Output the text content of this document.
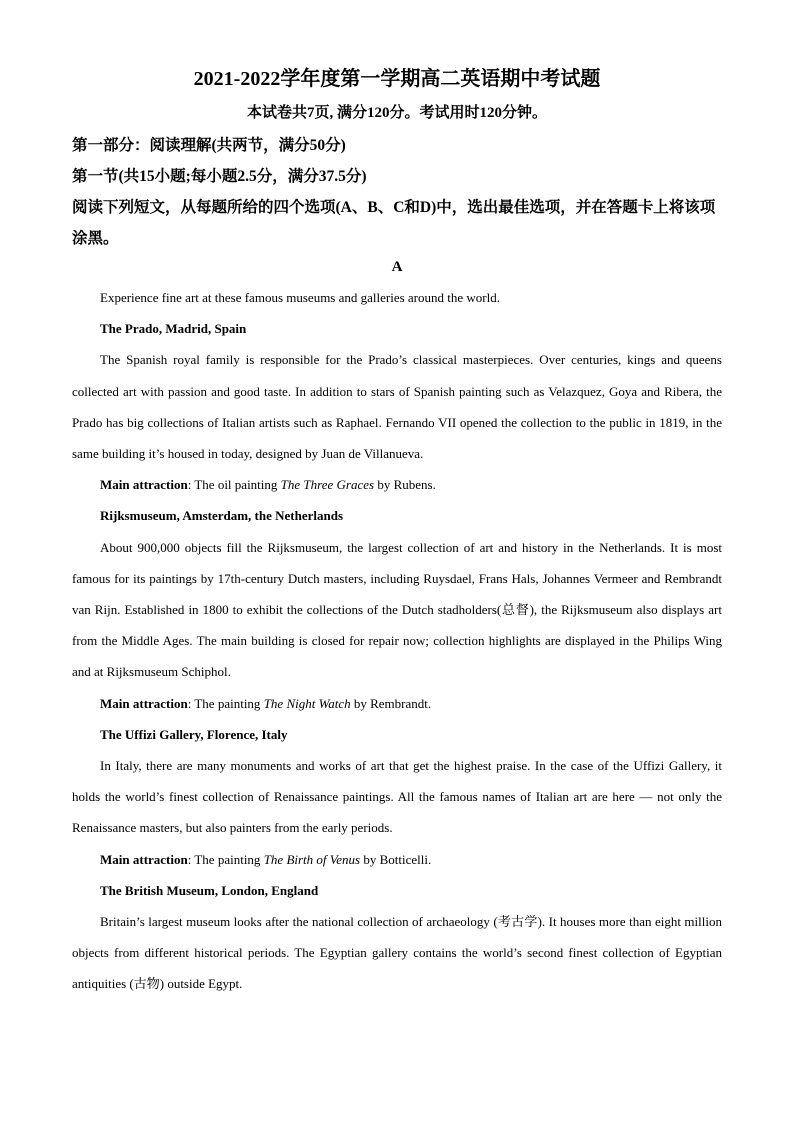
2021-2022学年度第一学期高二英语期中考试题
本试卷共7页, 满分120分。考试用时120分钟。

第一部分：阅读理解(共两节，满分50分)

第一节(共15小题;每小题2.5分，满分37.5分)

阅读下列短文，从每题所给的四个选项(A、B、C和D)中，选出最佳选项，并在答题卡上将该项涂黑。

A

Experience fine art at these famous museums and galleries around the world.

The Prado, Madrid, Spain

The Spanish royal family is responsible for the Prado’s classical masterpieces. Over centuries, kings and queens collected art with passion and good taste. In addition to stars of Spanish painting such as Velazquez, Goya and Ribera, the Prado has big collections of Italian artists such as Raphael. Fernando VII opened the collection to the public in 1819, in the same building it’s housed in today, designed by Juan de Villanueva.

Main attraction: The oil painting The Three Graces by Rubens.

Rijksmuseum, Amsterdam, the Netherlands

About 900,000 objects fill the Rijksmuseum, the largest collection of art and history in the Netherlands. It is most famous for its paintings by 17th-century Dutch masters, including Ruysdael, Frans Hals, Johannes Vermeer and Rembrandt van Rijn. Established in 1800 to exhibit the collections of the Dutch stadholders(总督), the Rijksmuseum also displays art from the Middle Ages. The main building is closed for repair now; collection highlights are displayed in the Philips Wing and at Rijksmuseum Schiphol.

Main attraction: The painting The Night Watch by Rembrandt.

The Uffizi Gallery, Florence, Italy

In Italy, there are many monuments and works of art that get the highest praise. In the case of the Uffizi Gallery, it holds the world’s finest collection of Renaissance paintings. All the famous names of Italian art are here — not only the Renaissance masters, but also painters from the early periods.

Main attraction: The painting The Birth of Venus by Botticelli.

The British Museum, London, England

Britain’s largest museum looks after the national collection of archaeology (考古学). It houses more than eight million objects from different historical periods. The Egyptian gallery contains the world’s second finest collection of Egyptian antiquities (古物) outside Egypt.
